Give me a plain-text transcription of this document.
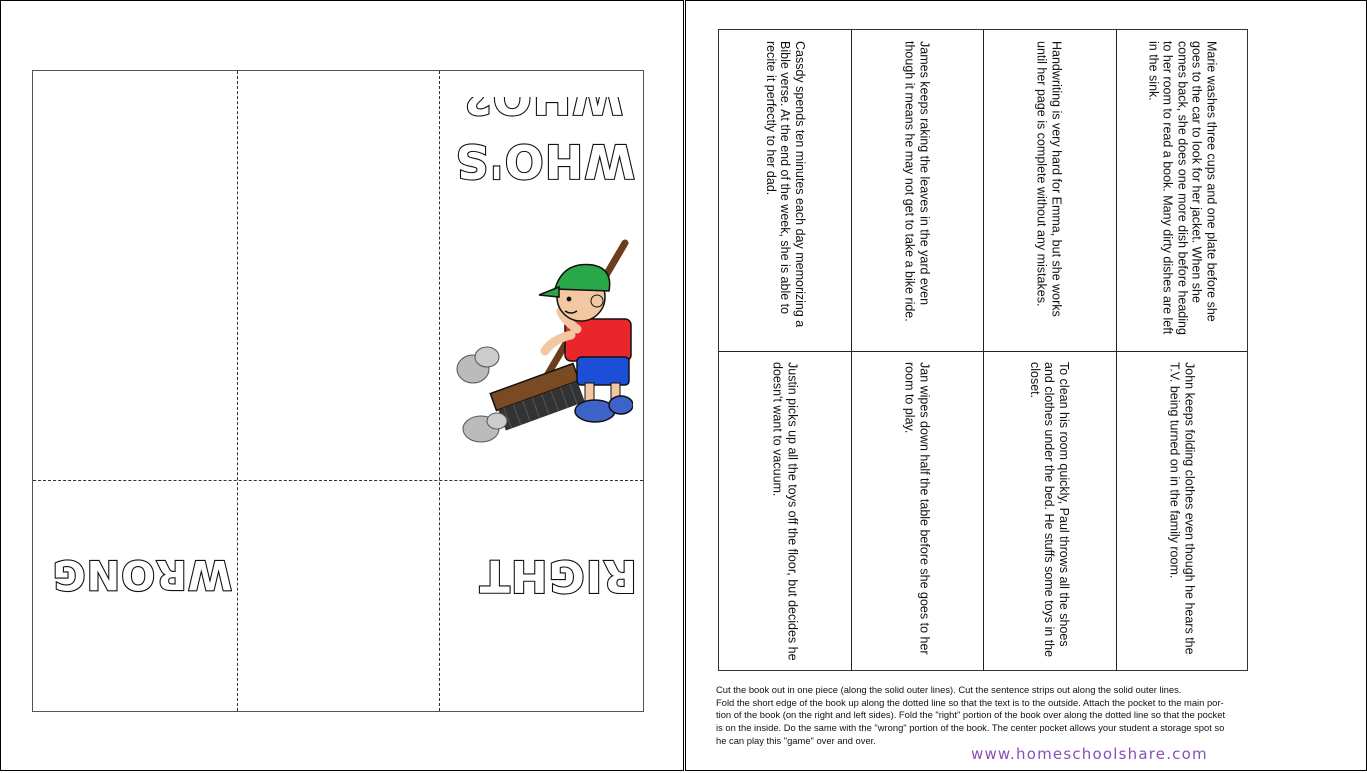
WHO'S
WHO?
RIGHT
WRONG
Marie washes three cups and one plate before she goes to the car to look for her jacket. When she comes back, she does one more dish before heading to her room to read a book. Many dirty dishes are left in the sink.
Handwriting is very hard for Emma, but she works until her page is complete without any mistakes.
James keeps raking the leaves in the yard even though it means he may not get to take a bike ride.
Cassdy spends ten minutes each day memorizing a Bible verse. At the end of the week, she is able to recite it perfectly to her dad.
John keeps folding clothes even though he hears the T.V. being turned on in the family room.
To clean his room quickly, Paul throws all the shoes and clothes under the bed. He stuffs some toys in the closet.
Jan wipes down half the table before she goes to her room to play.
Justin picks up all the toys off the floor, but decides he doesn't want to vacuum.
Cut the book out in one piece (along the solid outer lines). Cut the sentence strips out along the solid outer lines.
Fold the short edge of the book up along the dotted line so that the text is to the outside. Attach the pocket to the main por-
tion of the book (on the right and left sides). Fold the "right" portion of the book over along the dotted line so that the pocket
is on the inside. Do the same with the "wrong" portion of the book. The center pocket allows your student a storage spot so
he can play this "game" over and over.
www.homeschoolshare.com
